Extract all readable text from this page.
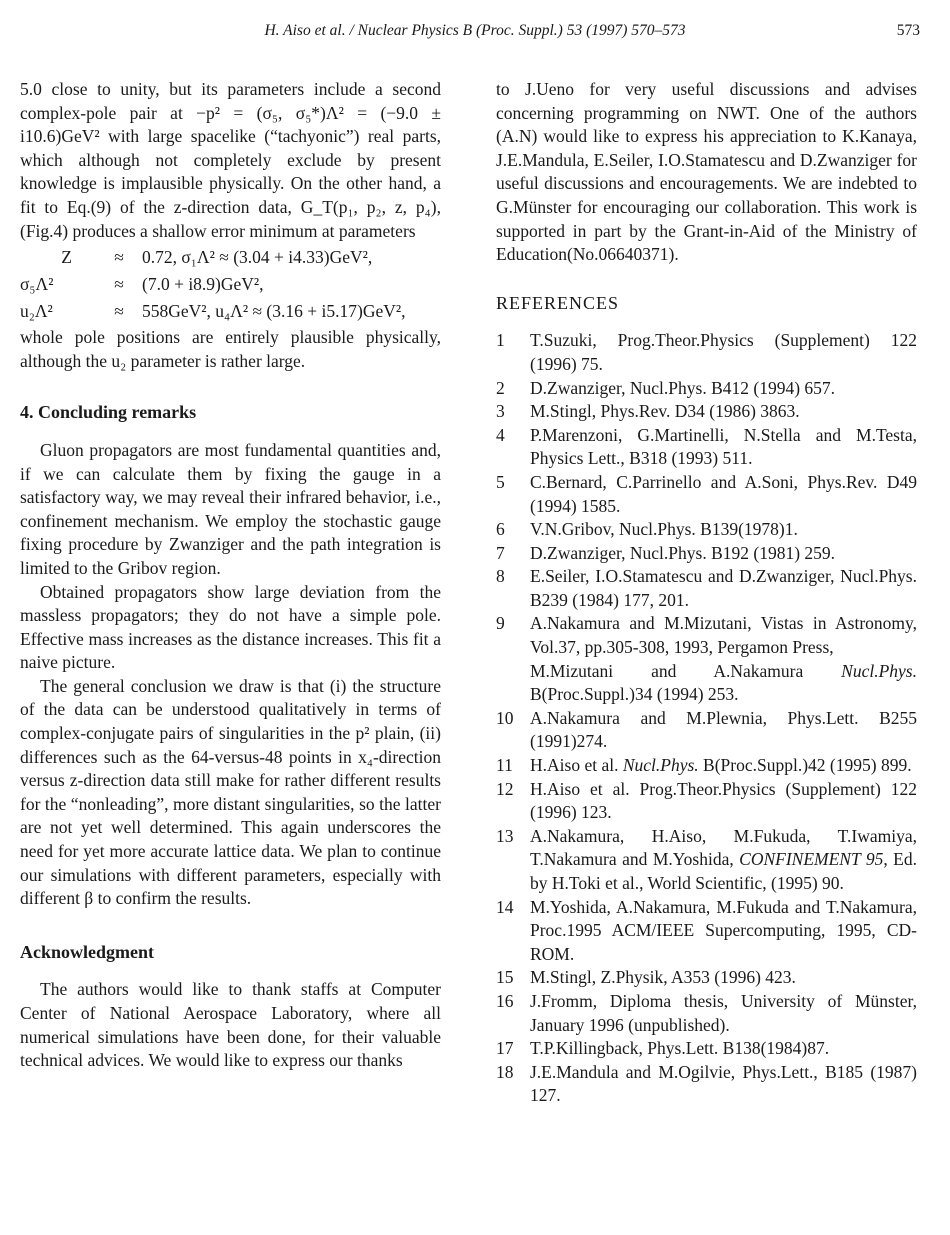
H. Aiso et al. / Nuclear Physics B (Proc. Suppl.) 53 (1997) 570–573	573

5.0 close to unity, but its parameters include a second complex-pole pair at −p² = (σ₅, σ₅*)Λ² = (−9.0 ± i10.6)GeV² with large spacelike (“tachyonic”) real parts, which although not completely exclude by present knowledge is implausible physically. On the other hand, a fit to Eq.(9) of the z-direction data, G_T(p₁, p₂, z, p₄), (Fig.4) produces a shallow error minimum at parameters

Z	≈	0.72, σ₁Λ² ≈ (3.04 + i4.33)GeV²,
σ₅Λ²	≈	(7.0 + i8.9)GeV²,
u₂Λ²	≈	558GeV², u₄Λ² ≈ (3.16 + i5.17)GeV²,

whole pole positions are entirely plausible physically, although the u₂ parameter is rather large.

4. Concluding remarks

Gluon propagators are most fundamental quantities and, if we can calculate them by fixing the gauge in a satisfactory way, we may reveal their infrared behavior, i.e., confinement mechanism. We employ the stochastic gauge fixing procedure by Zwanziger and the path integration is limited to the Gribov region.

Obtained propagators show large deviation from the massless propagators; they do not have a simple pole. Effective mass increases as the distance increases. This fit a naive picture.

The general conclusion we draw is that (i) the structure of the data can be understood qualitatively in terms of complex-conjugate pairs of singularities in the p² plain, (ii) differences such as the 64-versus-48 points in x₄-direction versus z-direction data still make for rather different results for the “nonleading”, more distant singularities, so the latter are not yet well determined. This again underscores the need for yet more accurate lattice data. We plan to continue our simulations with different parameters, especially with different β to confirm the results.

Acknowledgment

The authors would like to thank staffs at Computer Center of National Aerospace Laboratory, where all numerical simulations have been done, for their valuable technical advices. We would like to express our thanks

to J.Ueno for very useful discussions and advises concerning programming on NWT. One of the authors (A.N) would like to express his appreciation to K.Kanaya, J.E.Mandula, E.Seiler, I.O.Stamatescu and D.Zwanziger for useful discussions and encouragements. We are indebted to G.Münster for encouraging our collaboration. This work is supported in part by the Grant-in-Aid of the Ministry of Education(No.06640371).

REFERENCES
1	T.Suzuki, Prog.Theor.Physics (Supplement) 122 (1996) 75.
2	D.Zwanziger, Nucl.Phys. B412 (1994) 657.
3	M.Stingl, Phys.Rev. D34 (1986) 3863.
4	P.Marenzoni, G.Martinelli, N.Stella and M.Testa, Physics Lett., B318 (1993) 511.
5	C.Bernard, C.Parrinello and A.Soni, Phys.Rev. D49 (1994) 1585.
6	V.N.Gribov, Nucl.Phys. B139(1978)1.
7	D.Zwanziger, Nucl.Phys. B192 (1981) 259.
8	E.Seiler, I.O.Stamatescu and D.Zwanziger, Nucl.Phys. B239 (1984) 177, 201.
9	A.Nakamura and M.Mizutani, Vistas in Astronomy, Vol.37, pp.305-308, 1993, Pergamon Press,
M.Mizutani and A.Nakamura Nucl.Phys. B(Proc.Suppl.)34 (1994) 253.
10 A.Nakamura and M.Plewnia, Phys.Lett. B255 (1991)274.
11 H.Aiso et al. Nucl.Phys. B(Proc.Suppl.)42 (1995) 899.
12 H.Aiso et al. Prog.Theor.Physics (Supplement) 122 (1996) 123.
13 A.Nakamura, H.Aiso, M.Fukuda, T.Iwamiya, T.Nakamura and M.Yoshida, CONFINEMENT 95, Ed. by H.Toki et al., World Scientific, (1995) 90.
14 M.Yoshida, A.Nakamura, M.Fukuda and T.Nakamura, Proc.1995 ACM/IEEE Supercomputing, 1995, CD-ROM.
15 M.Stingl, Z.Physik, A353 (1996) 423.
16 J.Fromm, Diploma thesis, University of Münster, January 1996 (unpublished).
17 T.P.Killingback, Phys.Lett. B138(1984)87.
18 J.E.Mandula and M.Ogilvie, Phys.Lett., B185 (1987) 127.
